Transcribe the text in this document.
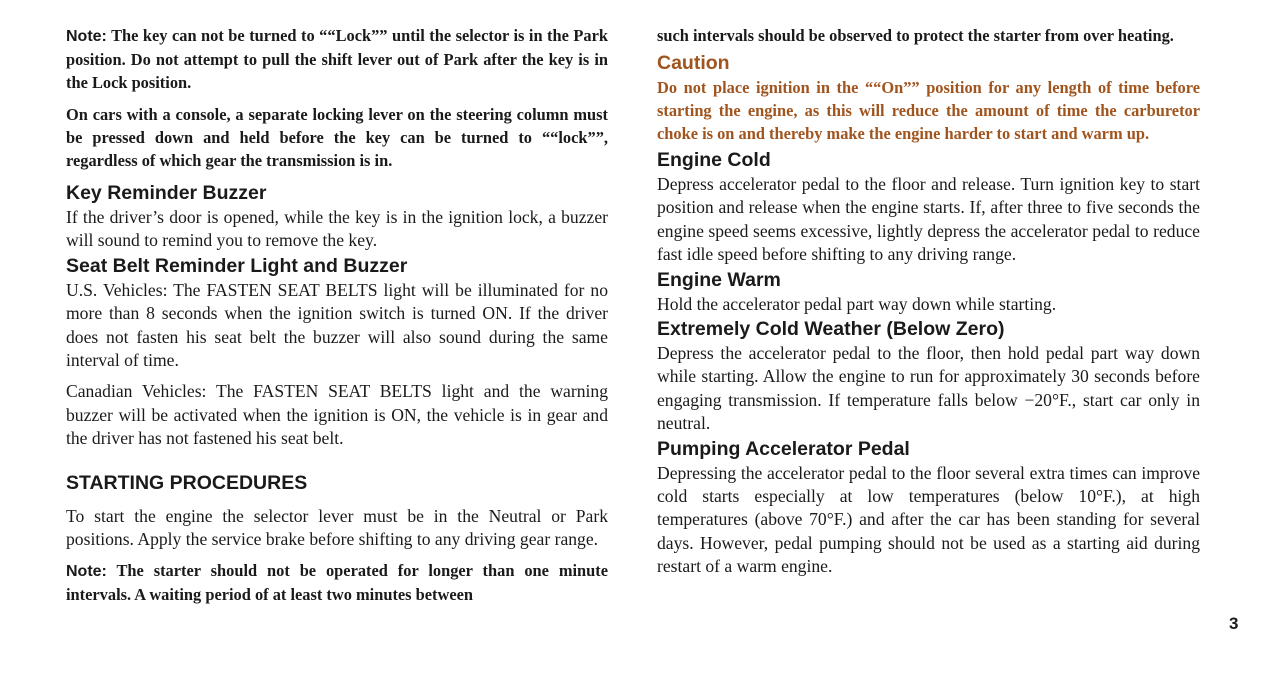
Note: The key can not be turned to ““Lock”” until the selector is in the Park position. Do not attempt to pull the shift lever out of Park after the key is in the Lock position.

On cars with a console, a separate locking lever on the steering column must be pressed down and held before the key can be turned to ““lock””, regardless of which gear the transmission is in.

Key Reminder Buzzer

If the driver’s door is opened, while the key is in the ignition lock, a buzzer will sound to remind you to remove the key.

Seat Belt Reminder Light and Buzzer

U.S. Vehicles: The FASTEN SEAT BELTS light will be illuminated for no more than 8 seconds when the ignition switch is turned ON. If the driver does not fasten his seat belt the buzzer will also sound during the same interval of time.

Canadian Vehicles: The FASTEN SEAT BELTS light and the warning buzzer will be activated when the ignition is ON, the vehicle is in gear and the driver has not fastened his seat belt.

STARTING PROCEDURES

To start the engine the selector lever must be in the Neutral or Park positions. Apply the service brake before shifting to any driving gear range.

Note: The starter should not be operated for longer than one minute intervals. A waiting period of at least two minutes between

such intervals should be observed to protect the starter from over heating.

Caution

Do not place ignition in the ““On”” position for any length of time before starting the engine, as this will reduce the amount of time the carburetor choke is on and thereby make the engine harder to start and warm up.

Engine Cold

Depress accelerator pedal to the floor and release. Turn ignition key to start position and release when the engine starts. If, after three to five seconds the engine speed seems excessive, lightly depress the accelerator pedal to reduce fast idle speed before shifting to any driving range.

Engine Warm

Hold the accelerator pedal part way down while starting.

Extremely Cold Weather (Below Zero)

Depress the accelerator pedal to the floor, then hold pedal part way down while starting. Allow the engine to run for approximately 30 seconds before engaging transmission. If temperature falls below −20°F., start car only in neutral.

Pumping Accelerator Pedal

Depressing the accelerator pedal to the floor several extra times can improve cold starts especially at low temperatures (below 10°F.), at high temperatures (above 70°F.) and after the car has been standing for several days. However, pedal pumping should not be used as a starting aid during restart of a warm engine.

3
